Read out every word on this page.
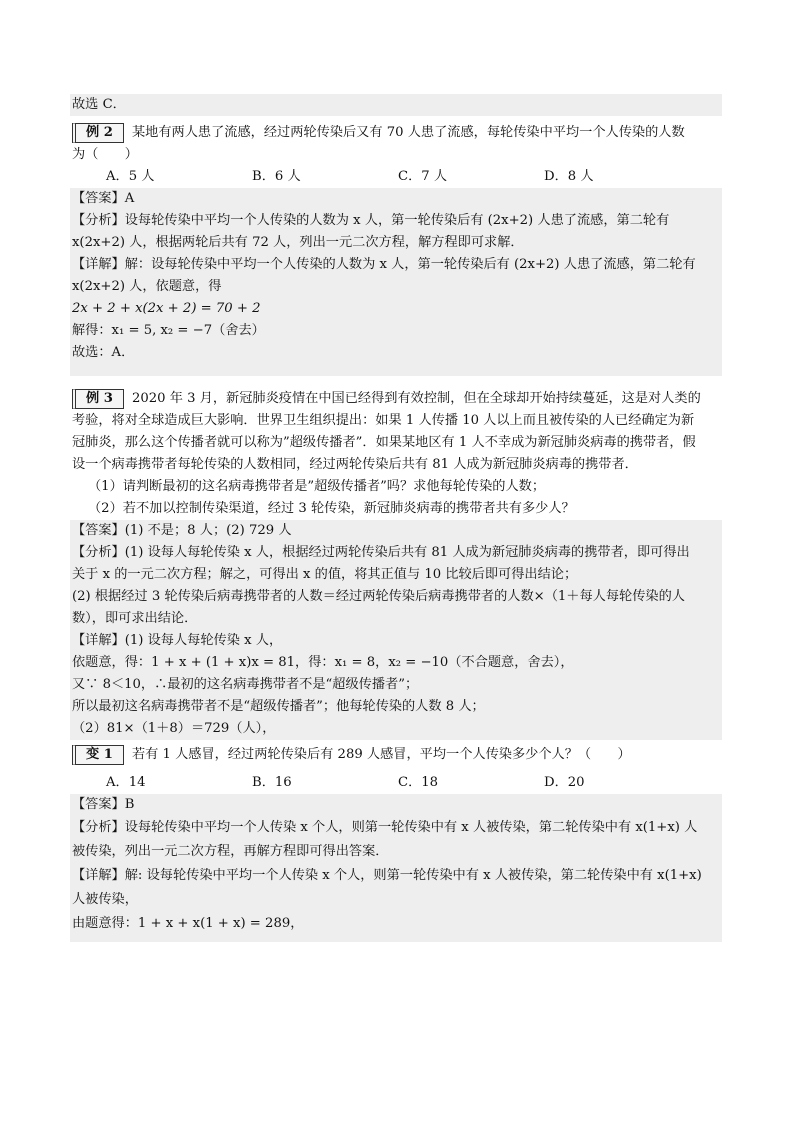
故选 C．
例 2 某地有两人患了流感，经过两轮传染后又有 70 人患了流感，每轮传染中平均一个人传染的人数
为（　　）
A．5 人	B．6 人	C．7 人	D．8 人
【答案】A
【分析】设每轮传染中平均一个人传染的人数为 x 人，第一轮传染后有 (2x+2) 人患了流感，第二轮有
x(2x+2) 人，根据两轮后共有 72 人，列出一元二次方程，解方程即可求解．
【详解】解：设每轮传染中平均一个人传染的人数为 x 人，第一轮传染后有 (2x+2) 人患了流感，第二轮有
x(2x+2) 人，依题意，得
2x + 2 + x(2x + 2) = 70 + 2
解得：x₁ = 5, x₂ = −7（舍去）
故选：A．
例 3 2020 年 3 月，新冠肺炎疫情在中国已经得到有效控制，但在全球却开始持续蔓延，这是对人类的
考验，将对全球造成巨大影响．世界卫生组织提出：如果 1 人传播 10 人以上而且被传染的人已经确定为新
冠肺炎，那么这个传播者就可以称为”超级传播者”．如果某地区有 1 人不幸成为新冠肺炎病毒的携带者，假
设一个病毒携带者每轮传染的人数相同，经过两轮传染后共有 81 人成为新冠肺炎病毒的携带者．
（1）请判断最初的这名病毒携带者是”超级传播者”吗？求他每轮传染的人数；
（2）若不加以控制传染渠道，经过 3 轮传染，新冠肺炎病毒的携带者共有多少人？
【答案】(1) 不是；8 人；(2) 729 人
【分析】(1) 设每人每轮传染 x 人，根据经过两轮传染后共有 81 人成为新冠肺炎病毒的携带者，即可得出
关于 x 的一元二次方程；解之，可得出 x 的值，将其正值与 10 比较后即可得出结论；
(2) 根据经过 3 轮传染后病毒携带者的人数＝经过两轮传染后病毒携带者的人数×（1＋每人每轮传染的人
数），即可求出结论．
【详解】(1) 设每人每轮传染 x 人，
依题意，得：1 + x + (1 + x)x = 81，得：x₁ = 8，x₂ = −10（不合题意，舍去），
又∵ 8＜10，∴最初的这名病毒携带者不是“超级传播者”；
所以最初这名病毒携带者不是“超级传播者”；他每轮传染的人数 8 人；
（2）81×（1＋8）＝729（人），
变 1 若有 1 人感冒，经过两轮传染后有 289 人感冒，平均一个人传染多少个人？（　　）
A．14	B．16	C．18	D．20
【答案】B
【分析】设每轮传染中平均一个人传染 x 个人，则第一轮传染中有 x 人被传染，第二轮传染中有 x(1+x) 人
被传染，列出一元二次方程，再解方程即可得出答案．
【详解】解: 设每轮传染中平均一个人传染 x 个人，则第一轮传染中有 x 人被传染，第二轮传染中有 x(1+x)
人被传染，
由题意得：1 + x + x(1 + x) = 289，
